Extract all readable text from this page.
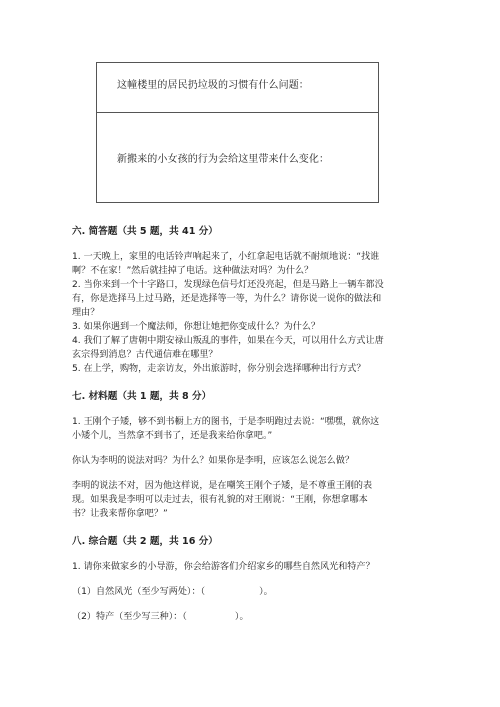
这幢楼里的居民扔垃圾的习惯有什么问题：
新搬来的小女孩的行为会给这里带来什么变化：

六. 简答题（共 5 题，共 41 分）

1. 一天晚上，家里的电话铃声响起来了，小红拿起电话就不耐烦地说：“找谁

啊？不在家！”然后就挂掉了电话。这种做法对吗？为什么？

2. 当你来到一个十字路口，发现绿色信号灯还没亮起，但是马路上一辆车都没

有，你是选择马上过马路，还是选择等一等，为什么？请你说一说你的做法和

理由？

3. 如果你遇到一个魔法师，你想让她把你变成什么？为什么？

4. 我们了解了唐朝中期安禄山叛乱的事件，如果在今天，可以用什么方式让唐

玄宗得到消息？古代通信难在哪里？

5. 在上学，购物，走亲访友，外出旅游时，你分别会选择哪种出行方式？

七. 材料题（共 1 题，共 8 分）

1. 王刚个子矮，够不到书橱上方的图书，于是李明跑过去说：“嘿嘿，就你这

小矮个儿，当然拿不到书了，还是我来给你拿吧。”

你认为李明的说法对吗？为什么？如果你是李明，应该怎么说怎么做？

李明的说法不对，因为他这样说，是在嘲笑王刚个子矮，是不尊重王刚的表

现。如果我是李明可以走过去，很有礼貌的对王刚说：“王刚，你想拿哪本

书？让我来帮你拿吧？”

八. 综合题（共 2 题，共 16 分）

1. 请你来做家乡的小导游，你会给游客们介绍家乡的哪些自然风光和特产？

（1）自然风光（至少写两处）：（	）。

（2）特产（至少写三种）：（	）。
